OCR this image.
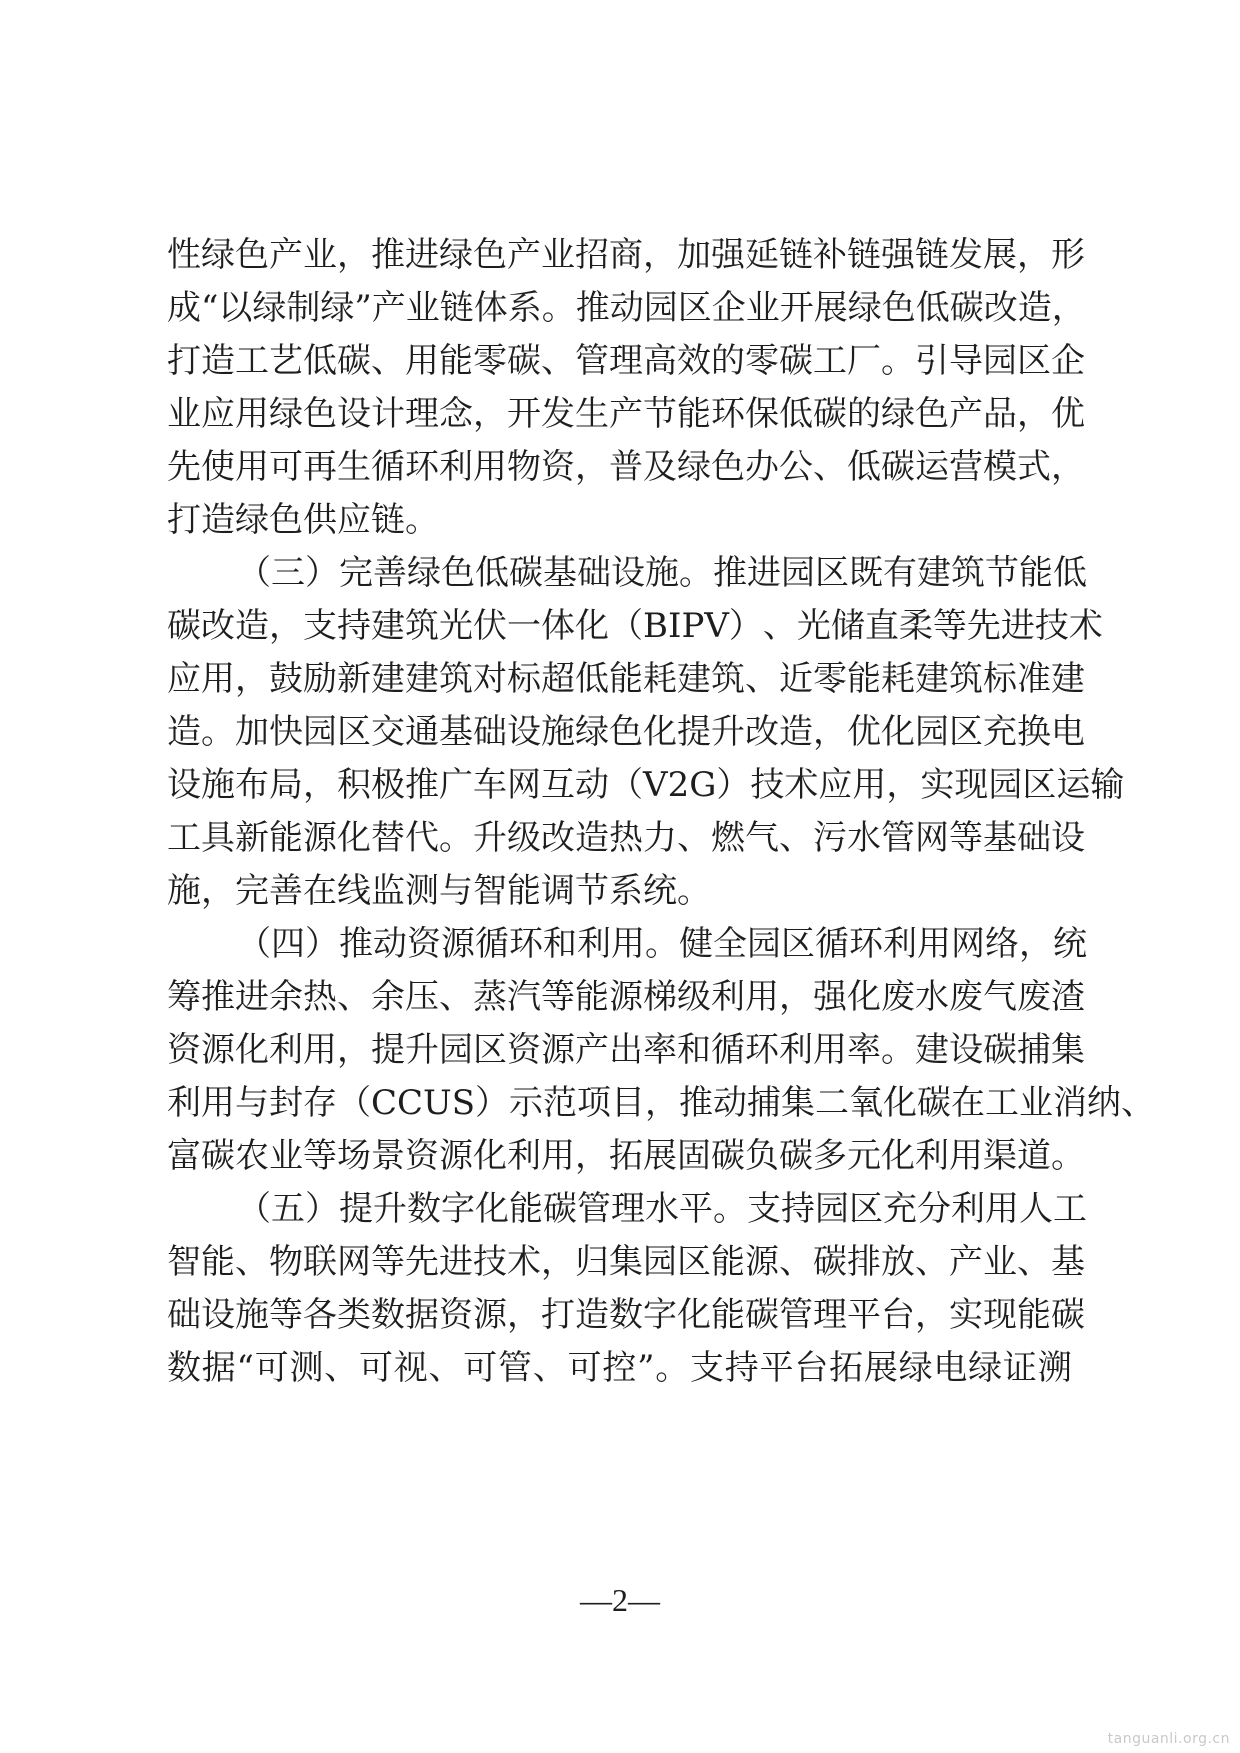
性 绿 色 产 业 ， 推 进 绿 色 产 业 招 商 ， 加 强 延 链 补 链 强 链 发 展 ， 形
成 “ 以 绿 制 绿 ” 产 业 链 体 系 。 推 动 园 区 企 业 开 展 绿 色 低 碳 改 造 ，
打 造 工 艺 低 碳 、 用 能 零 碳 、 管 理 高 效 的 零 碳 工 厂 。 引 导 园 区 企
业 应 用 绿 色 设 计 理 念 ， 开 发 生 产 节 能 环 保 低 碳 的 绿 色 产 品 ， 优
先 使 用 可 再 生 循 环 利 用 物 资 ， 普 及 绿 色 办 公 、 低 碳 运 营 模 式 ，
打造绿色供应链。
（ 三 ） 完 善 绿 色 低 碳 基 础 设 施 。 推 进 园 区 既 有 建 筑 节 能 低
碳 改 造 ， 支 持 建 筑 光 伏 一 体 化 （ B I P V ） 、 光 储 直 柔 等 先 进 技 术
应 用 ， 鼓 励 新 建 建 筑 对 标 超 低 能 耗 建 筑 、 近 零 能 耗 建 筑 标 准 建
造 。 加 快 园 区 交 通 基 础 设 施 绿 色 化 提 升 改 造 ， 优 化 园 区 充 换 电
设 施 布 局 ， 积 极 推 广 车 网 互 动 （ V 2 G ） 技 术 应 用 ， 实 现 园 区 运 输
工 具 新 能 源 化 替 代 。 升 级 改 造 热 力 、 燃 气 、 污 水 管 网 等 基 础 设
施，完善在线监测与智能调节系统。
（ 四 ） 推 动 资 源 循 环 和 利 用 。 健 全 园 区 循 环 利 用 网 络 ， 统
筹 推 进 余 热 、 余 压 、 蒸 汽 等 能 源 梯 级 利 用 ， 强 化 废 水 废 气 废 渣
资 源 化 利 用 ， 提 升 园 区 资 源 产 出 率 和 循 环 利 用 率 。 建 设 碳 捕 集
利 用 与 封 存 （ C C U S ） 示 范 项 目 ， 推 动 捕 集 二 氧 化 碳 在 工 业 消 纳 、
富 碳 农 业 等 场 景 资 源 化 利 用 ， 拓 展 固 碳 负 碳 多 元 化 利 用 渠 道 。
（ 五 ） 提 升 数 字 化 能 碳 管 理 水 平 。 支 持 园 区 充 分 利 用 人 工
智 能 、 物 联 网 等 先 进 技 术 ， 归 集 园 区 能 源 、 碳 排 放 、 产 业 、 基
础 设 施 等 各 类 数 据 资 源 ， 打 造 数 字 化 能 碳 管 理 平 台 ， 实 现 能 碳
数 据 “ 可 测 、 可 视 、 可 管 、 可 控 ” 。 支 持 平 台 拓 展 绿 电 绿 证 溯
—2—
tanguanli.org.cn
